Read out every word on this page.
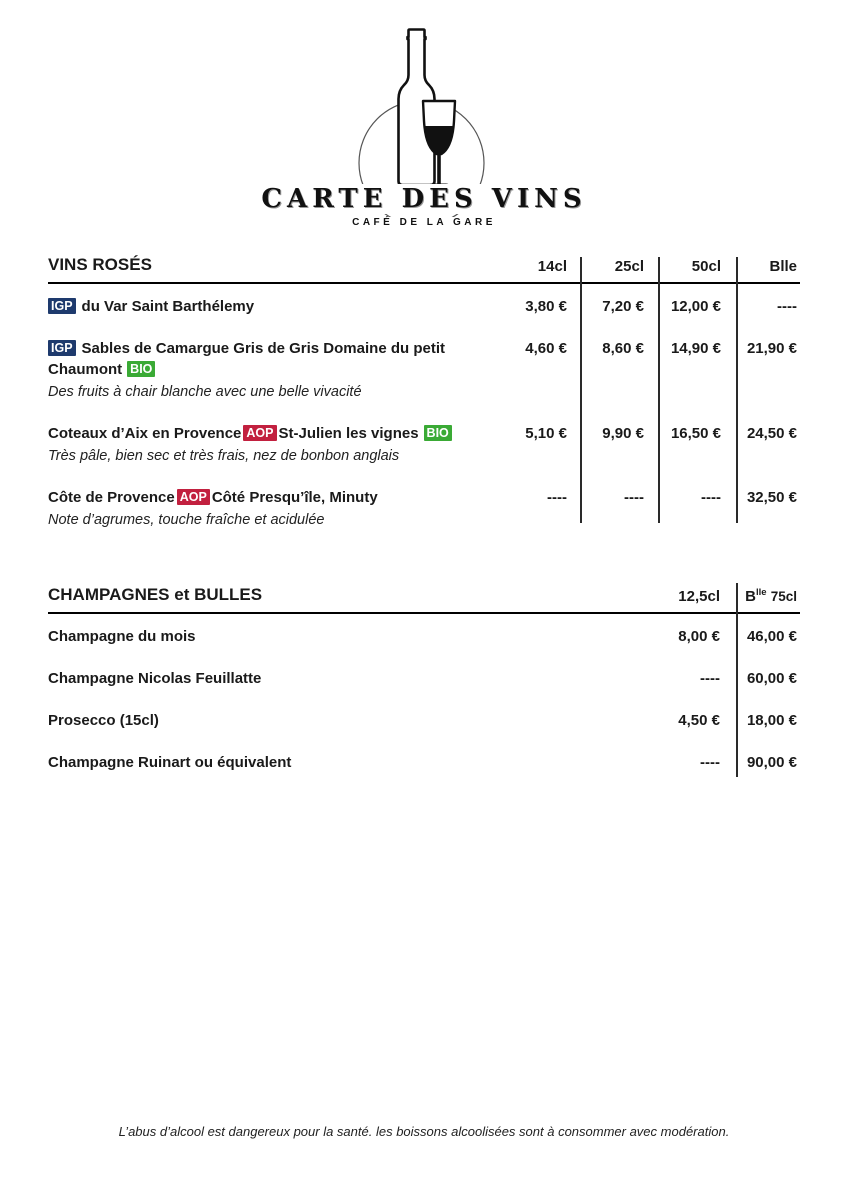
CARTE DES VINS
CAFÉ DE LA GARE
VINS ROSÉS	14cl	25cl	50cl	Blle
IGP du Var Saint Barthélemy	3,80 €	7,20 €	12,00 €	----
IGP Sables de Camargue Gris de Gris Domaine du petit Chaumont BIO
Des fruits à chair blanche avec une belle vivacité
4,60 €	8,60 €	14,90 €	21,90 €
Coteaux d’Aix en Provence AOP St-Julien les vignes BIO
Très pâle, bien sec et très frais, nez de bonbon anglais
5,10 €	9,90 €	16,50 €	24,50 €
Côte de Provence AOP Côté Presqu’île, Minuty
Note d’agrumes, touche fraîche et acidulée
----	----	----	32,50 €
CHAMPAGNES et BULLES	12,5cl	$B^{lle}$ 75cl
Champagne du mois	8,00 €	46,00 €
Champagne Nicolas Feuillatte	----	60,00 €
Prosecco (15cl)	4,50 €	18,00 €
Champagne Ruinart ou équivalent	----	90,00 €
L’abus d’alcool est dangereux pour la santé. les boissons alcoolisées sont à consommer avec modération.
